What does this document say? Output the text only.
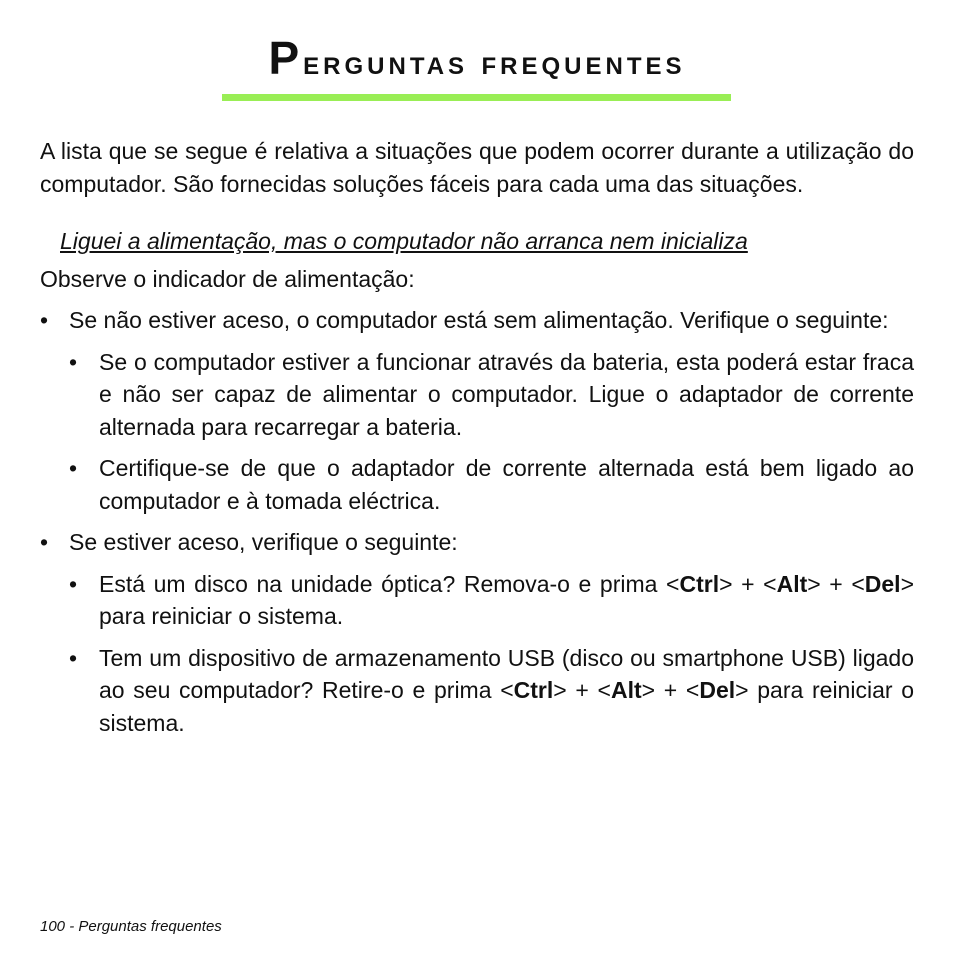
Perguntas frequentes

A lista que se segue é relativa a situações que podem ocorrer durante a utilização do computador. São fornecidas soluções fáceis para cada uma das situações.

Liguei a alimentação, mas o computador não arranca nem inicializa

Observe o indicador de alimentação:

• Se não estiver aceso, o computador está sem alimentação. Verifique o seguinte:
• Se o computador estiver a funcionar através da bateria, esta poderá estar fraca e não ser capaz de alimentar o computador. Ligue o adaptador de corrente alternada para recarregar a bateria.
• Certifique-se de que o adaptador de corrente alternada está bem ligado ao computador e à tomada eléctrica.
• Se estiver aceso, verifique o seguinte:
• Está um disco na unidade óptica? Remova-o e prima <Ctrl> + <Alt> + <Del> para reiniciar o sistema.
• Tem um dispositivo de armazenamento USB (disco ou smartphone USB) ligado ao seu computador? Retire-o e prima <Ctrl> + <Alt> + <Del> para reiniciar o sistema.
100 - Perguntas frequentes
